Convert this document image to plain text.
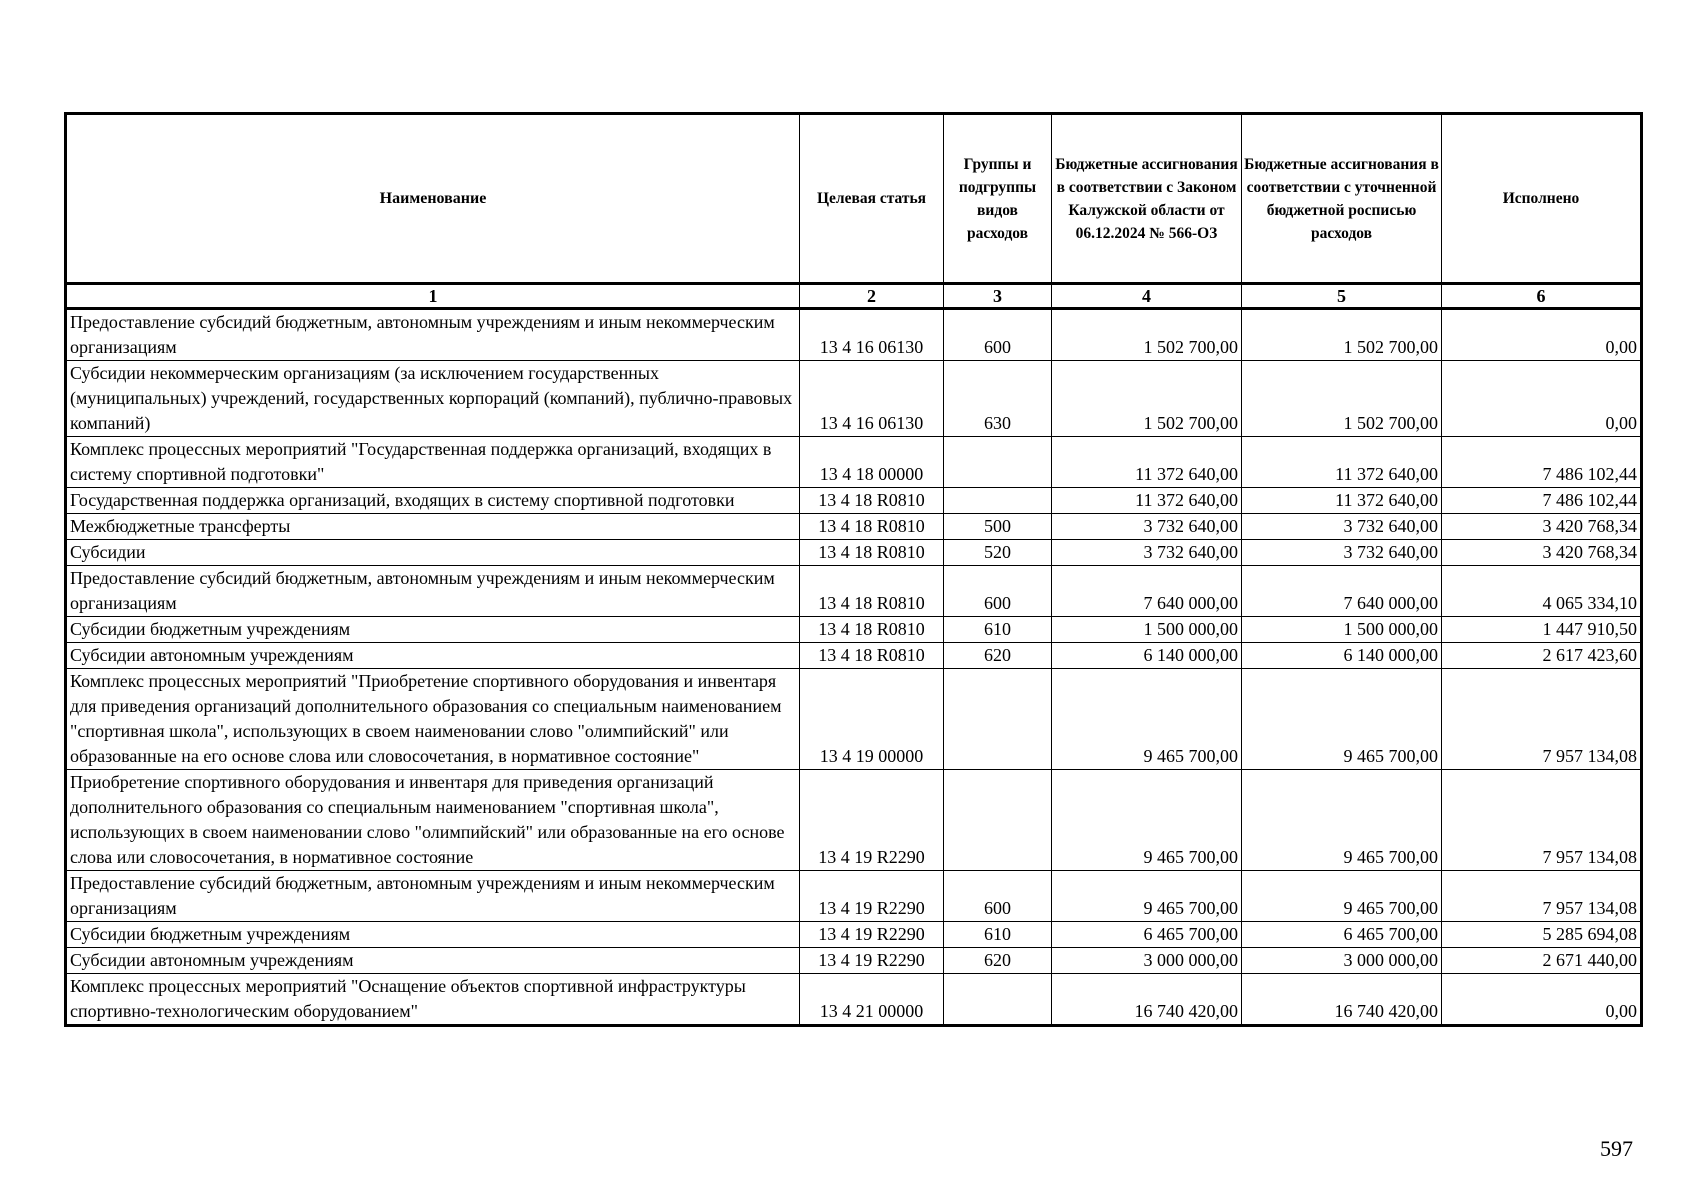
Наименование	Целевая статья	Группы и подгруппы видов расходов	Бюджетные ассигнования в соответствии с Законом Калужской области от 06.12.2024 № 566-ОЗ	Бюджетные ассигнования в соответствии с уточненной бюджетной росписью расходов	Исполнено
1	2	3	4	5	6
Предоставление субсидий бюджетным, автономным учреждениям и иным некоммерческим организациям	13 4 16 06130	600	1 502 700,00	1 502 700,00	0,00
Субсидии некоммерческим организациям (за исключением государственных (муниципальных) учреждений, государственных корпораций (компаний), публично-правовых компаний)	13 4 16 06130	630	1 502 700,00	1 502 700,00	0,00
Комплекс процессных мероприятий "Государственная поддержка организаций, входящих в систему спортивной подготовки"	13 4 18 00000		11 372 640,00	11 372 640,00	7 486 102,44
Государственная поддержка организаций, входящих в систему спортивной подготовки	13 4 18 R0810		11 372 640,00	11 372 640,00	7 486 102,44
Межбюджетные трансферты	13 4 18 R0810	500	3 732 640,00	3 732 640,00	3 420 768,34
Субсидии	13 4 18 R0810	520	3 732 640,00	3 732 640,00	3 420 768,34
Предоставление субсидий бюджетным, автономным учреждениям и иным некоммерческим организациям	13 4 18 R0810	600	7 640 000,00	7 640 000,00	4 065 334,10
Субсидии бюджетным учреждениям	13 4 18 R0810	610	1 500 000,00	1 500 000,00	1 447 910,50
Субсидии автономным учреждениям	13 4 18 R0810	620	6 140 000,00	6 140 000,00	2 617 423,60
Комплекс процессных мероприятий "Приобретение спортивного оборудования и инвентаря для приведения организаций дополнительного образования со специальным наименованием "спортивная школа", использующих в своем наименовании слово "олимпийский" или образованные на его основе слова или словосочетания, в нормативное состояние"	13 4 19 00000		9 465 700,00	9 465 700,00	7 957 134,08
Приобретение спортивного оборудования и инвентаря для приведения организаций дополнительного образования со специальным наименованием "спортивная школа", использующих в своем наименовании слово "олимпийский" или образованные на его основе слова или словосочетания, в нормативное состояние	13 4 19 R2290		9 465 700,00	9 465 700,00	7 957 134,08
Предоставление субсидий бюджетным, автономным учреждениям и иным некоммерческим организациям	13 4 19 R2290	600	9 465 700,00	9 465 700,00	7 957 134,08
Субсидии бюджетным учреждениям	13 4 19 R2290	610	6 465 700,00	6 465 700,00	5 285 694,08
Субсидии автономным учреждениям	13 4 19 R2290	620	3 000 000,00	3 000 000,00	2 671 440,00
Комплекс процессных мероприятий "Оснащение объектов спортивной инфраструктуры спортивно-технологическим оборудованием"	13 4 21 00000		16 740 420,00	16 740 420,00	0,00
597
